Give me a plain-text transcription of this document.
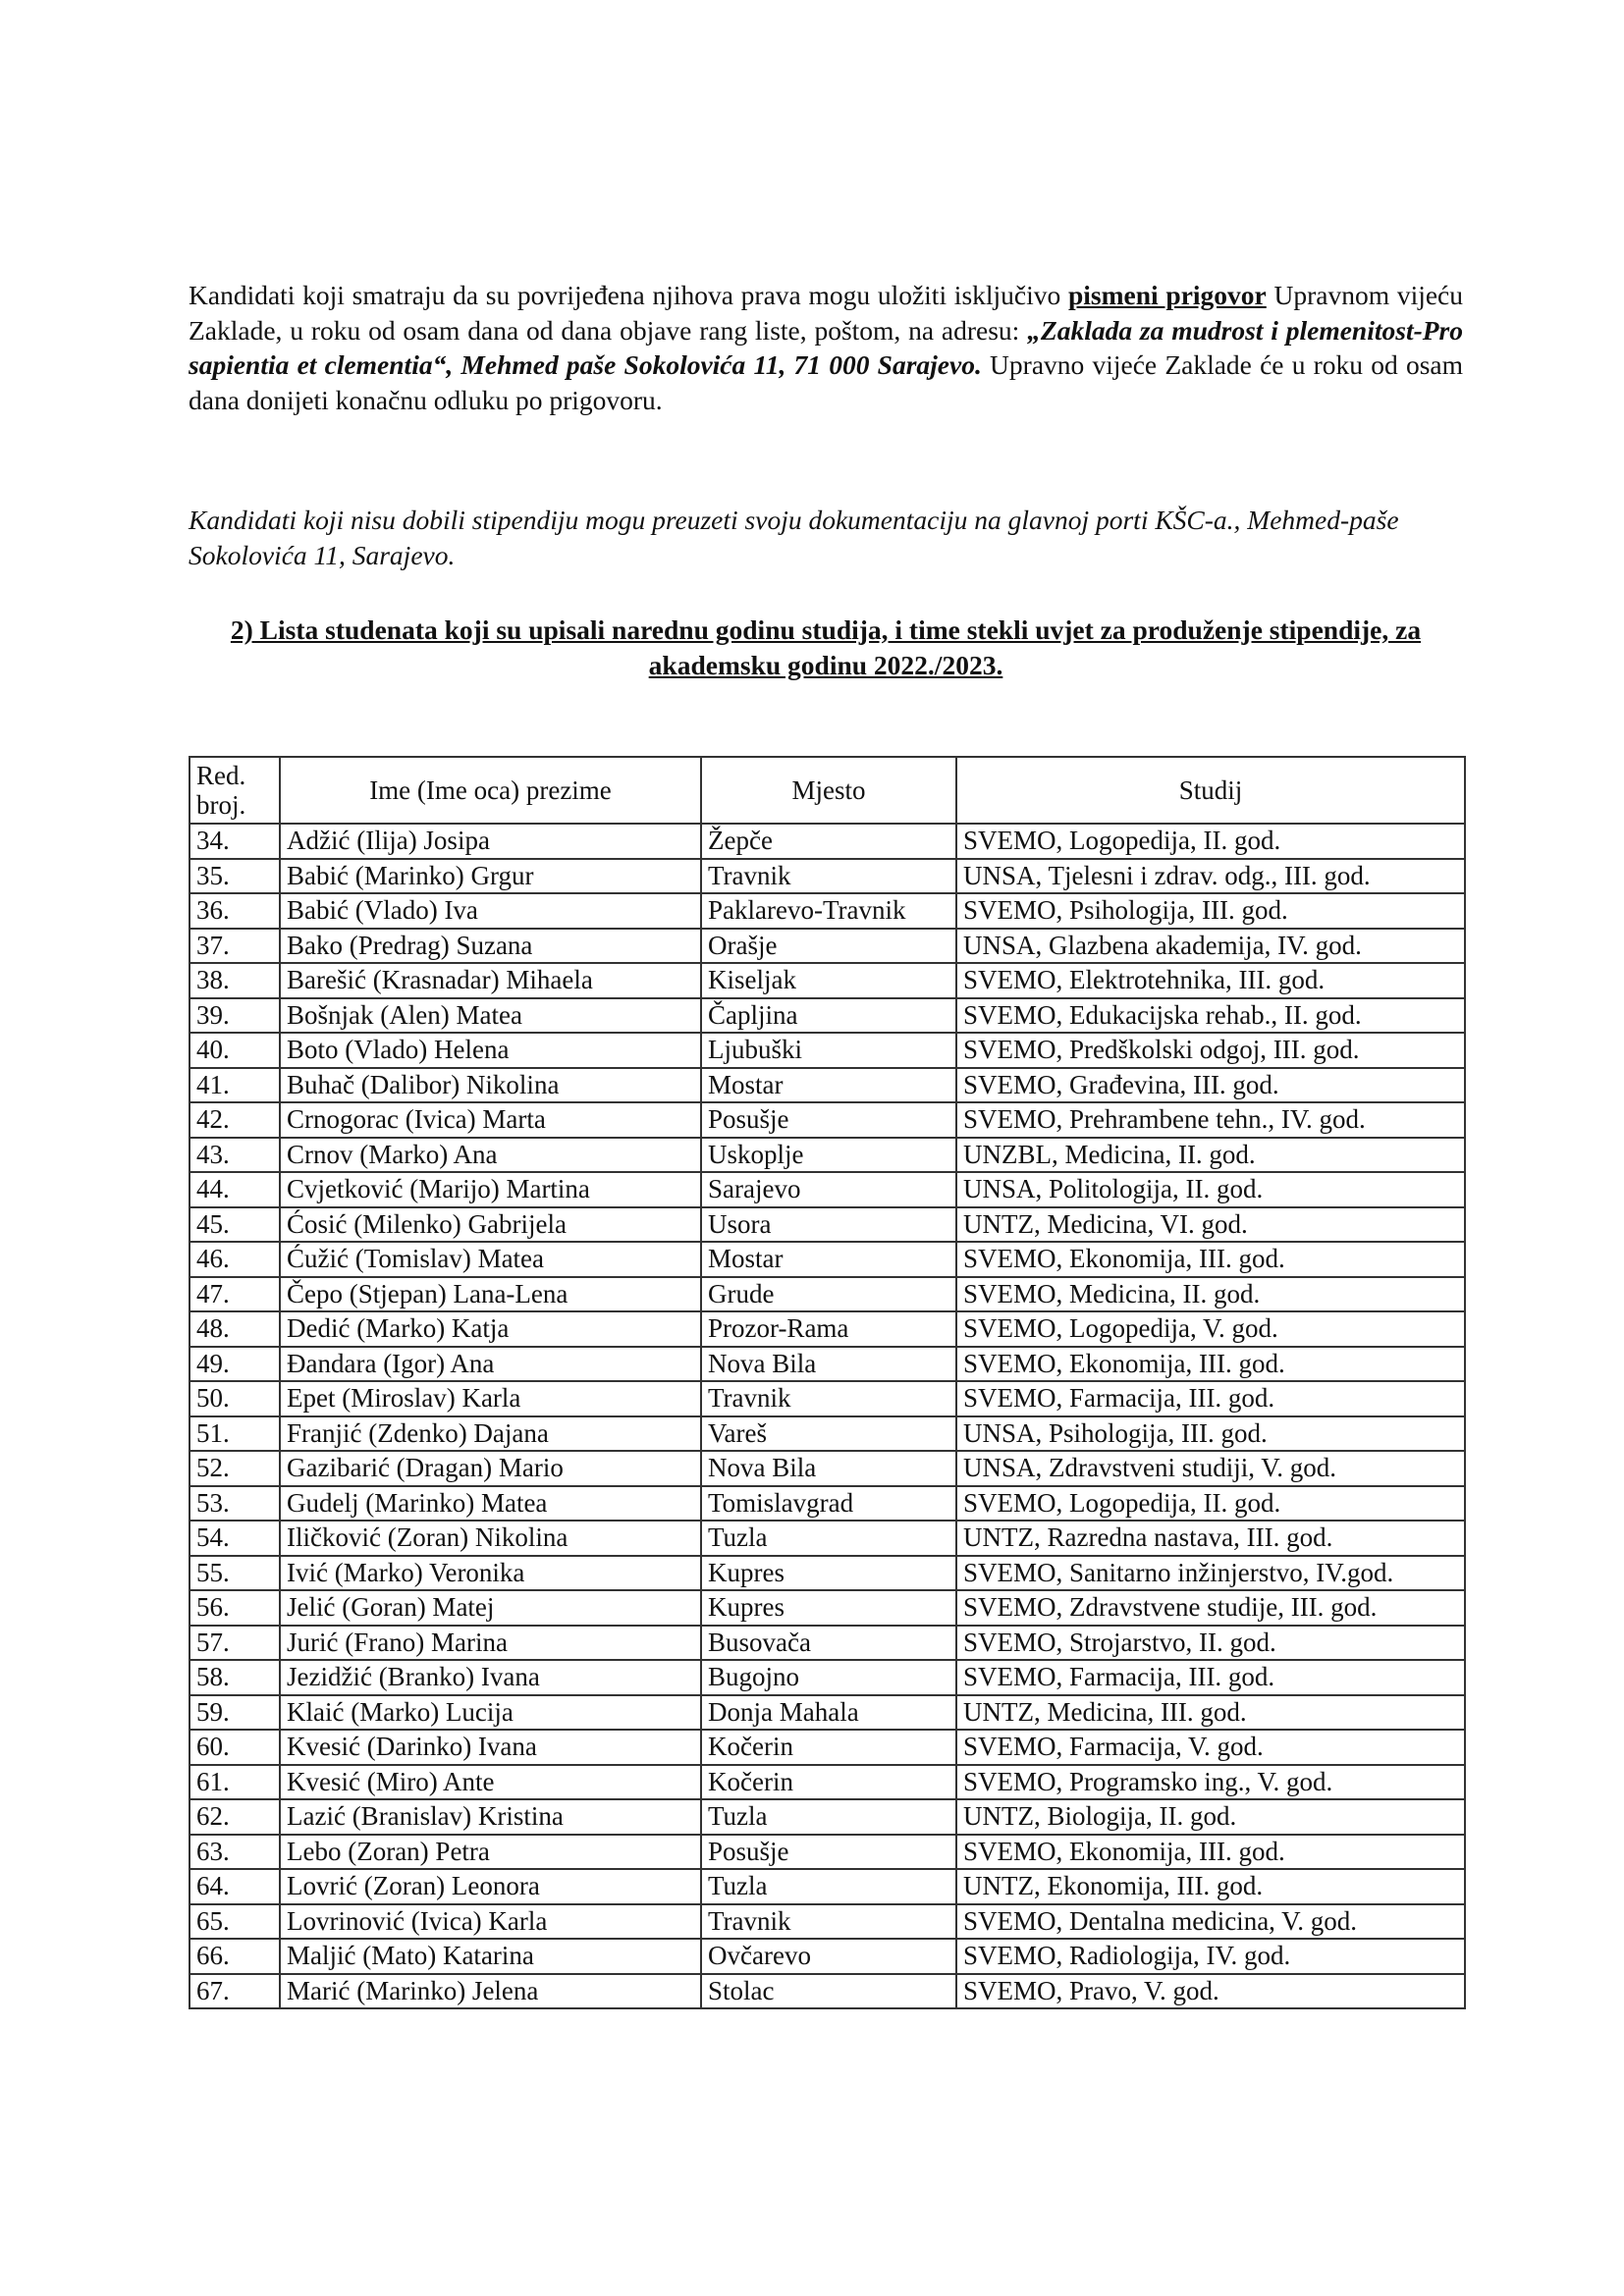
Kandidati koji smatraju da su povrijeđena njihova prava mogu uložiti isključivo pismeni prigovor Upravnom vijeću Zaklade, u roku od osam dana od dana objave rang liste, poštom, na adresu: „Zaklada za mudrost i plemenitost-Pro sapientia et clementia“, Mehmed paše Sokolovića 11, 71 000 Sarajevo. Upravno vijeće Zaklade će u roku od osam dana donijeti konačnu odluku po prigovoru.
Kandidati koji nisu dobili stipendiju mogu preuzeti svoju dokumentaciju na glavnoj porti KŠC-a., Mehmed-paše Sokolovića 11, Sarajevo.
2) Lista studenata koji su upisali narednu godinu studija, i time stekli uvjet za produženje stipendije, za akademsku godinu 2022./2023.
Red.
broj.	Ime (Ime oca) prezime	Mjesto	Studij
34.	Adžić (Ilija) Josipa	Žepče	SVEMO, Logopedija, II. god.
35.	Babić (Marinko) Grgur	Travnik	UNSA, Tjelesni i zdrav. odg., III. god.
36.	Babić (Vlado) Iva	Paklarevo-Travnik	SVEMO, Psihologija, III. god.
37.	Bako (Predrag) Suzana	Orašje	UNSA, Glazbena akademija, IV. god.
38.	Barešić (Krasnadar) Mihaela	Kiseljak	SVEMO, Elektrotehnika, III. god.
39.	Bošnjak (Alen) Matea	Čapljina	SVEMO, Edukacijska rehab., II. god.
40.	Boto (Vlado) Helena	Ljubuški	SVEMO, Predškolski odgoj, III. god.
41.	Buhač (Dalibor) Nikolina	Mostar	SVEMO, Građevina, III. god.
42.	Crnogorac (Ivica) Marta	Posušje	SVEMO, Prehrambene tehn., IV. god.
43.	Crnov (Marko) Ana	Uskoplje	UNZBL, Medicina, II. god.
44.	Cvjetković (Marijo) Martina	Sarajevo	UNSA, Politologija, II. god.
45.	Ćosić (Milenko) Gabrijela	Usora	UNTZ, Medicina, VI. god.
46.	Ćužić (Tomislav) Matea	Mostar	SVEMO, Ekonomija, III. god.
47.	Čepo (Stjepan) Lana-Lena	Grude	SVEMO, Medicina, II. god.
48.	Dedić (Marko) Katja	Prozor-Rama	SVEMO, Logopedija, V. god.
49.	Đandara (Igor) Ana	Nova Bila	SVEMO, Ekonomija, III. god.
50.	Epet (Miroslav) Karla	Travnik	SVEMO, Farmacija, III. god.
51.	Franjić (Zdenko) Dajana	Vareš	UNSA, Psihologija, III. god.
52.	Gazibarić (Dragan) Mario	Nova Bila	UNSA, Zdravstveni studiji, V. god.
53.	Gudelj (Marinko) Matea	Tomislavgrad	SVEMO, Logopedija, II. god.
54.	Iličković (Zoran) Nikolina	Tuzla	UNTZ, Razredna nastava, III. god.
55.	Ivić (Marko) Veronika	Kupres	SVEMO, Sanitarno inžinjerstvo, IV.god.
56.	Jelić (Goran) Matej	Kupres	SVEMO, Zdravstvene studije, III. god.
57.	Jurić (Frano) Marina	Busovača	SVEMO, Strojarstvo, II. god.
58.	Jezidžić (Branko) Ivana	Bugojno	SVEMO, Farmacija, III. god.
59.	Klaić (Marko) Lucija	Donja Mahala	UNTZ, Medicina, III. god.
60.	Kvesić (Darinko) Ivana	Kočerin	SVEMO, Farmacija, V. god.
61.	Kvesić (Miro) Ante	Kočerin	SVEMO, Programsko ing., V. god.
62.	Lazić (Branislav) Kristina	Tuzla	UNTZ, Biologija, II. god.
63.	Lebo (Zoran) Petra	Posušje	SVEMO, Ekonomija, III. god.
64.	Lovrić (Zoran) Leonora	Tuzla	UNTZ, Ekonomija, III. god.
65.	Lovrinović (Ivica) Karla	Travnik	SVEMO, Dentalna medicina, V. god.
66.	Maljić (Mato) Katarina	Ovčarevo	SVEMO, Radiologija, IV. god.
67.	Marić (Marinko) Jelena	Stolac	SVEMO, Pravo, V. god.
